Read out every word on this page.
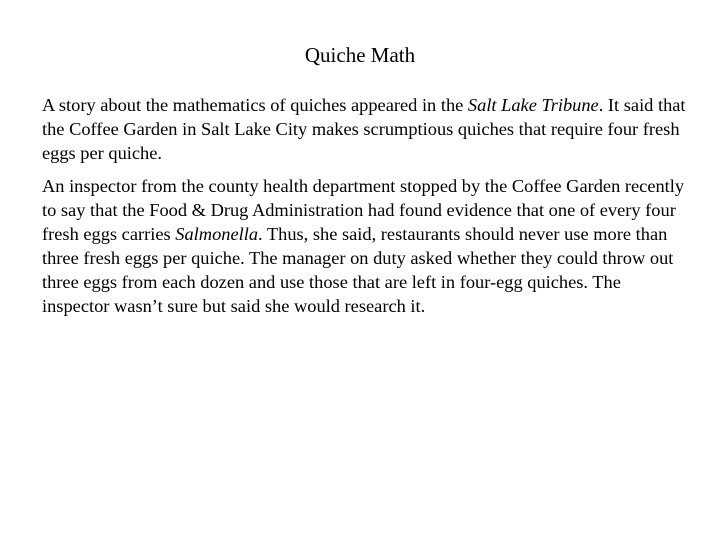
Quiche Math

A story about the mathematics of quiches appeared in the Salt Lake Tribune. It said that the Coffee Garden in Salt Lake City makes scrumptious quiches that require four fresh eggs per quiche.

An inspector from the county health department stopped by the Coffee Garden recently to say that the Food & Drug Administration had found evidence that one of every four fresh eggs carries Salmonella. Thus, she said, restaurants should never use more than three fresh eggs per quiche. The manager on duty asked whether they could throw out three eggs from each dozen and use those that are left in four-egg quiches. The inspector wasn’t sure but said she would research it.
